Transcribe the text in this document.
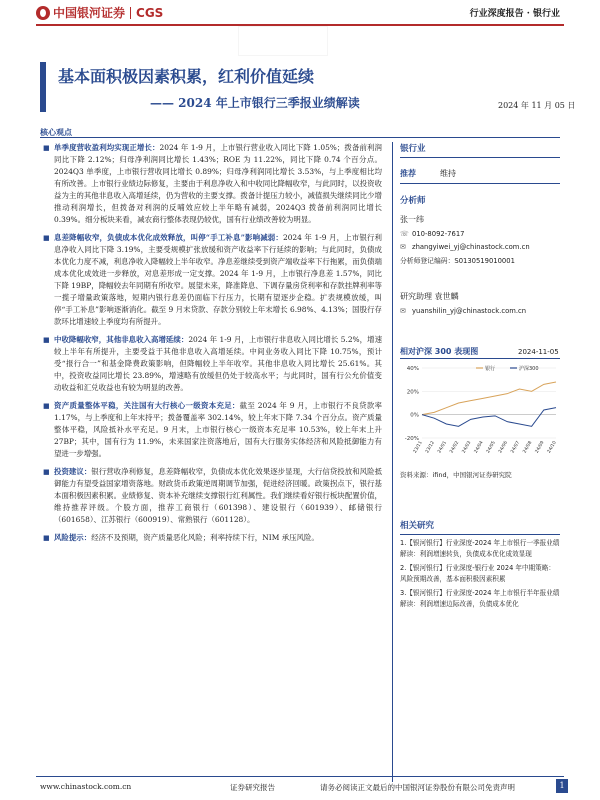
中国银河证券 CGS	行业深度报告 · 银行业
基本面积极因素积累，红利价值延续
—— 2024 年上市银行三季报业绩解读	2024 年 11 月 05 日
核心观点
■ 单季度营收盈利均实现正增长：2024 年 1-9 月，上市银行营业收入同比下降 1.05%；拨备前利润同比下降 2.12%；归母净利润同比增长 1.43%；ROE 为 11.22%，同比下降 0.74 个百分点。2024Q3 单季度，上市银行营收同比增长 0.89%；归母净利润同比增长 3.53%，与上季度相比均有所改善。上市银行业绩边际修复，主要由于利息净收入和中收同比降幅收窄，与此同时，以投资收益为主的其他非息收入高增延续，仍为营收的主要支撑。拨备计提压力较小，减值损失继续同比少增推动利润增长，但拨备对利润的反哺效应较上半年略有减弱，2024Q3 拨备前利润同比增长 0.39%。细分板块来看，减农商行整体表现仍较优，国有行业绩改善较为明显。
■ 息差降幅收窄，负债成本优化成效释放，叫停“手工补息”影响减弱：2024 年 1-9 月，上市银行利息净收入同比下降 3.19%，主要受规模扩张放缓和资产收益率下行延续的影响；与此同时，负债成本优化力度不减，利息净收入降幅较上半年收窄。净息差继续受到资产端收益率下行拖累，而负债端成本优化成效进一步释放，对息差形成一定支撑。2024 年 1-9 月，上市银行净息差 1.57%，同比下降 19BP，降幅较去年同期有所收窄。展望未来，降准降息、下调存量房贷利率和存款挂牌利率等一揽子增量政策落地，短期内银行息差仍面临下行压力，长期有望逐步企稳。扩表规模放缓，叫停“手工补息”影响逐渐消化。截至 9 月末贷款、存款分别较上年末增长 6.98%、4.13%；国股行存款环比增速较上季度均有所提升。
■ 中收降幅收窄，其他非息收入高增延续：2024 年 1-9 月，上市银行非息收入同比增长 5.2%，增速较上半年有所提升，主要受益于其他非息收入高增延续。中间业务收入同比下降 10.75%，预计受“报行合一”和基金降费政策影响，但降幅较上半年收窄。其他非息收入同比增长 25.61%。其中，投资收益同比增长 23.89%，增速略有放缓但仍处于较高水平；与此同时，国有行公允价值变动收益和汇兑收益也有较为明显的改善。
■ 资产质量整体平稳，关注国有大行核心一级资本充足：截至 2024 年 9 月，上市银行不良贷款率 1.17%，与上季度和上年末持平；拨备覆盖率 302.14%，较上年末下降 7.34 个百分点。资产质量整体平稳，风险抵补水平充足。9 月末，上市银行核心一级资本充足率 10.53%，较上年末上升 27BP；其中，国有行为 11.9%，未来国家注资落地后，国有大行服务实体经济和风险抵御能力有望进一步增强。
■ 投资建议：银行营收净利修复，息差降幅收窄，负债成本优化效果逐步显现，大行信贷投放和风险抵御能力有望受益国家增资落地。财政货币政策逆周期调节加强，促进经济回暖。政策拐点下，银行基本面积极因素积累。业绩修复、资本补充继续支撑银行红利属性。我们继续看好银行板块配置价值，维持推荐评级。个股方面，推荐工商银行（601398）、建设银行（601939）、邮储银行（601658）、江苏银行（600919）、常熟银行（601128）。
■ 风险提示：经济不及预期，资产质量恶化风险；利率持续下行，NIM 承压风险。
银行业
推荐	维持
分析师
张一纬
☏ 010-8092-7617
✉ zhangyiwei_yj@chinastock.com.cn
分析师登记编码：S0130519010001
研究助理 袁世麟
✉ yuanshilin_yj@chinastock.com.cn
相对沪深 300 表现图	2024-11-05
40%
20%
0%
-20%
23/11 23/12 24/01 24/02 24/03 24/04 24/05 24/06 24/07 24/08 24/09 24/10
银行	沪深300
资料来源：ifind，中国银河证券研究院
相关研究
1.【银河银行】行业深度-2024 年上市银行一季报业绩解读：利润增速转负，负债成本优化成效显现
2.【银河银行】行业深度-银行业 2024 年中期策略：风险预期改善，基本面积极因素积累
3.【银河银行】行业深度-2024 年上市银行半年报业绩解读：利润增速边际改善，负债成本优化
www.chinastock.com.cn	证券研究报告	请务必阅读正文最后的中国银河证券股份有限公司免责声明	1
